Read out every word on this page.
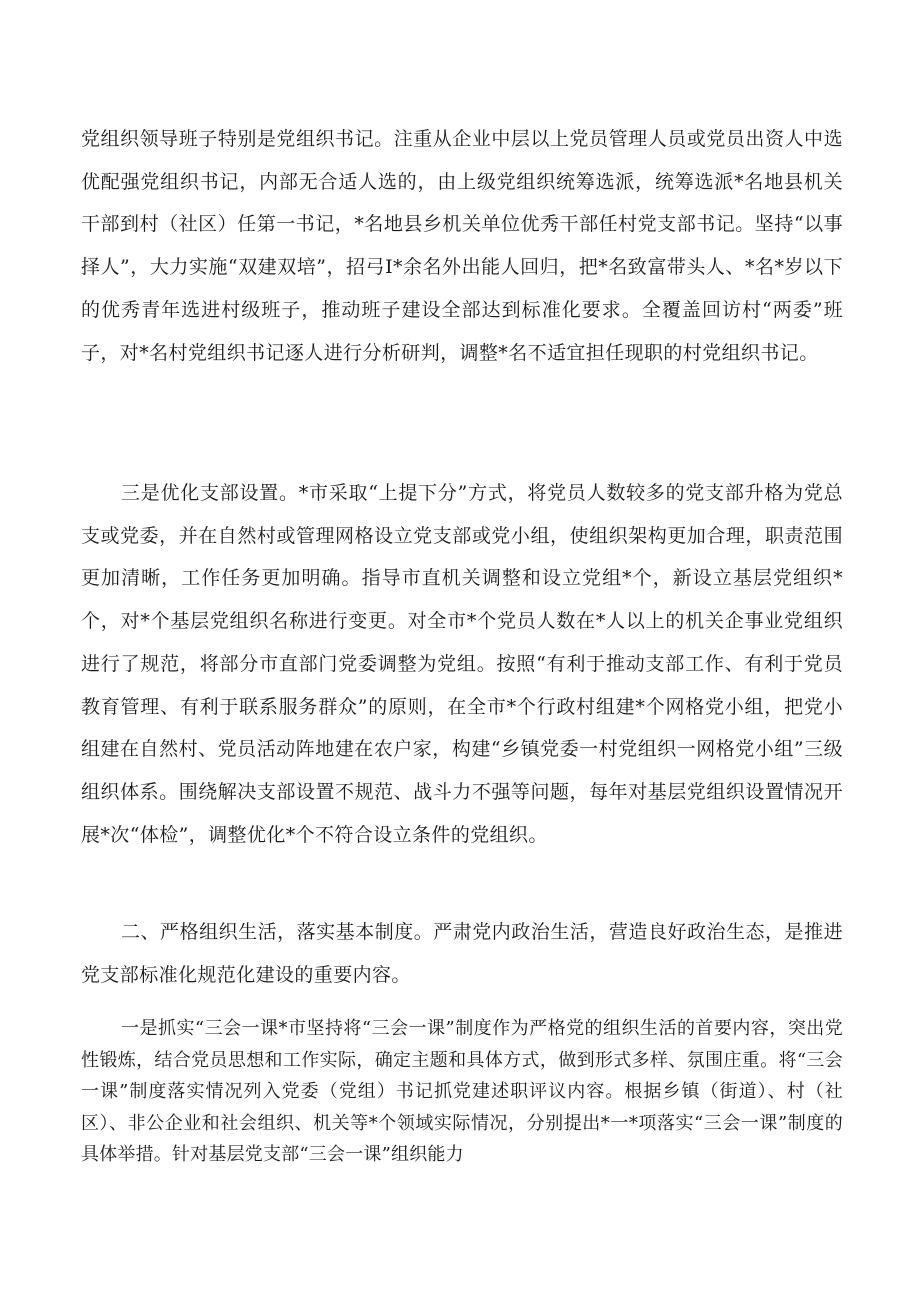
党组织领导班子特别是党组织书记。注重从企业中层以上党员管理人员或党员出资人中选优配强党组织书记，内部无合适人选的，由上级党组织统筹选派，统筹选派*名地县机关干部到村（社区）任第一书记，*名地县乡机关单位优秀干部任村党支部书记。坚持“以事择人”，大力实施“双建双培”，招弓I*余名外出能人回归，把*名致富带头人、*名*岁以下的优秀青年选进村级班子，推动班子建设全部达到标准化要求。全覆盖回访村“两委”班子，对*名村党组织书记逐人进行分析研判，调整*名不适宜担任现职的村党组织书记。

三是优化支部设置。*市采取“上提下分”方式，将党员人数较多的党支部升格为党总支或党委，并在自然村或管理网格设立党支部或党小组，使组织架构更加合理，职责范围更加清晰，工作任务更加明确。指导市直机关调整和设立党组*个，新设立基层党组织*个，对*个基层党组织名称进行变更。对全市*个党员人数在*人以上的机关企事业党组织进行了规范，将部分市直部门党委调整为党组。按照“有利于推动支部工作、有利于党员教育管理、有利于联系服务群众”的原则，在全市*个行政村组建*个网格党小组，把党小组建在自然村、党员活动阵地建在农户家，构建“乡镇党委一村党组织一网格党小组”三级组织体系。围绕解决支部设置不规范、战斗力不强等问题，每年对基层党组织设置情况开展*次“体检”，调整优化*个不符合设立条件的党组织。

二、严格组织生活，落实基本制度。严肃党内政治生活，营造良好政治生态，是推进党支部标准化规范化建设的重要内容。

一是抓实“三会一课*市坚持将“三会一课”制度作为严格党的组织生活的首要内容，突出党性锻炼，结合党员思想和工作实际，确定主题和具体方式，做到形式多样、氛围庄重。将“三会一课”制度落实情况列入党委（党组）书记抓党建述职评议内容。根据乡镇（街道）、村（社区）、非公企业和社会组织、机关等*个领域实际情况，分别提出*一*项落实“三会一课”制度的具体举措。针对基层党支部“三会一课”组织能力
